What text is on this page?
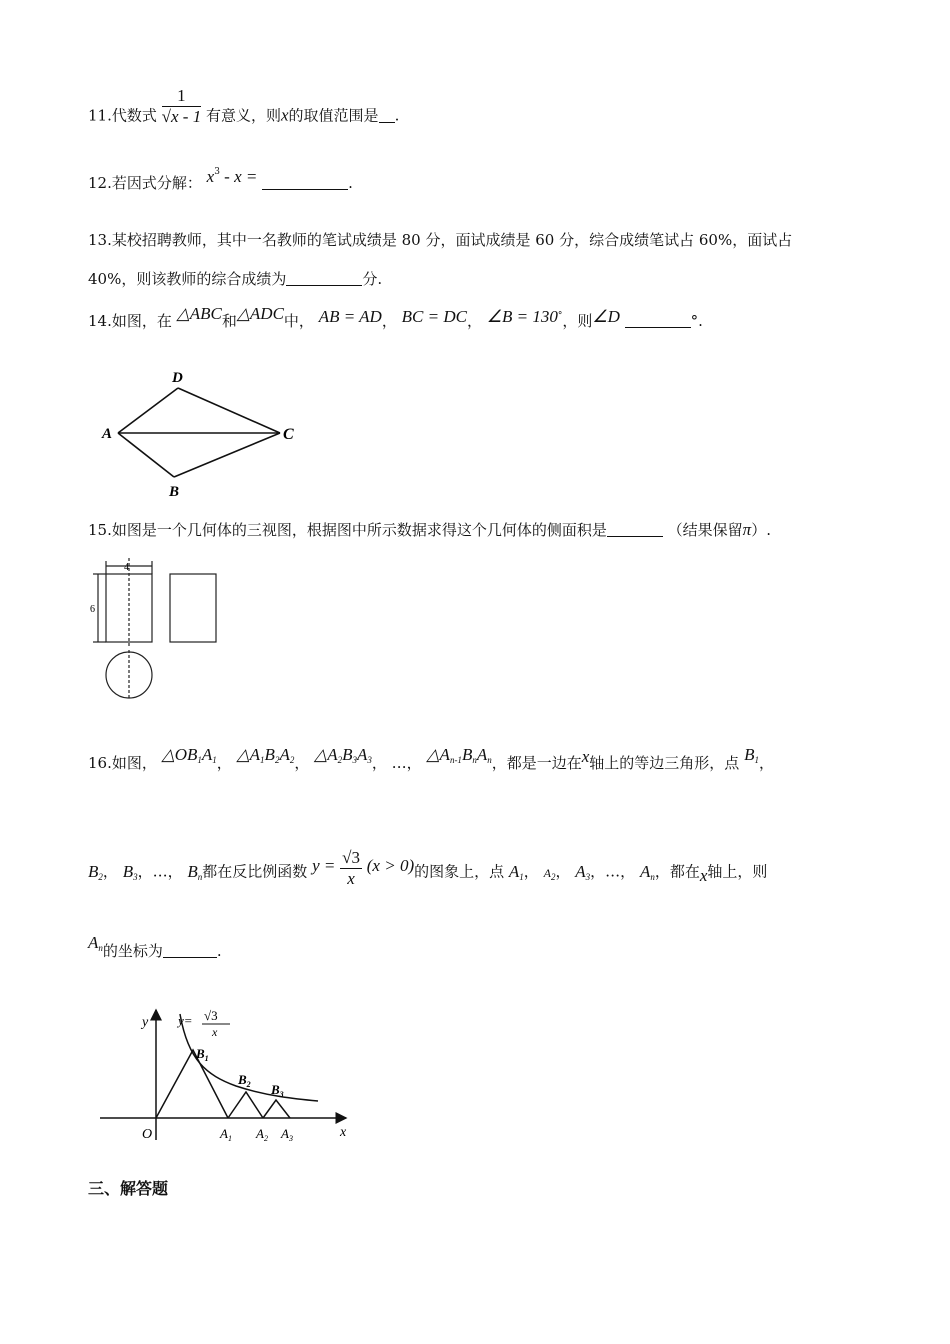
11.代数式 $\frac{1}{√x - 1}$ 有意义，则x的取值范围是 .
12.若因式分解： $x^3$ - x =	.
13.某校招聘教师，其中一名教师的笔试成绩是 80 分，面试成绩是 60 分，综合成绩笔试占 60%，面试占
40%，则该教师的综合成绩为	分.
14.如图，在 △ABC和△ADC中， AB = AD， BC = DC， ∠B = 130°，则∠D	°.
A
D
C
B
15.如图是一个几何体的三视图，根据图中所示数据求得这个几何体的侧面积是	（结果保留π）.
4
6
16.如图， $\triangle OB_1A_1$， $\triangle A_1B_2A_2$， $\triangle A_2B_3A_3$， …， $\triangle A_{n-1}B_nA_n$，都是一边在x轴上的等边三角形，点 $B_1$，
$B_2$， $B_3$，…， $B_n$都在反比例函数 $y = \frac{√3}{x} (x > 0)$的图象上，点 $A_1$， $A_2$， $A_3$，…， $A_n$，都在x轴上，则
$A_n$的坐标为	.
y y= √3
x
$B_1$
$B_2$ $B_3$
O	$A_1$ $A_2$ $A_3$	x
三、解答题
